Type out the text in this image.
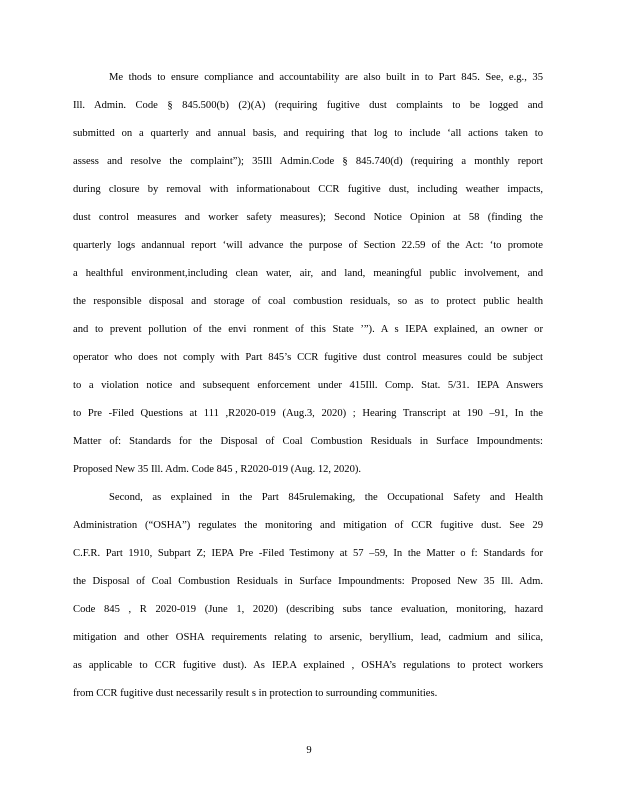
Me thods to ensure compliance and accountability are also built in to Part 845. See, e.g., 35
Ill. Admin. Code § 845.500(b) (2)(A) (requiring fugitive dust complaints to be logged and
submitted on a quarterly and annual basis, and requiring that log to include ‘all actions taken to
assess and resolve the complaint”); 35Ill Admin.Code § 845.740(d) (requiring a monthly report
during closure by removal with informationabout CCR fugitive dust, including weather impacts,
dust control measures and worker safety measures); Second Notice Opinion at 58 (finding the
quarterly logs andannual report ‘will advance the purpose of Section 22.59 of the Act: ‘to promote
a healthful environment,including clean water, air, and land, meaningful public involvement, and
the responsible disposal and storage of coal combustion residuals, so as to protect public health
and to prevent pollution of the envi ronment of this State ’”). A s IEPA explained, an owner or
operator who does not comply with Part 845’s CCR fugitive dust control measures could be subject
to a violation notice and subsequent enforcement under 415Ill. Comp. Stat. 5/31. IEPA Answers
to Pre -Filed Questions at 111 ,R2020-019 (Aug.3, 2020) ; Hearing Transcript at 190 –91, In the
Matter of: Standards for the Disposal of Coal Combustion Residuals in Surface Impoundments:
Proposed New 35 Ill. Adm. Code 845 , R2020-019 (Aug. 12, 2020).
Second, as explained in the Part 845rulemaking, the Occupational Safety and Health
Administration (“OSHA”) regulates the monitoring and mitigation of CCR fugitive dust. See 29
C.F.R. Part 1910, Subpart Z; IEPA Pre -Filed Testimony at 57 –59, In the Matter o f: Standards for
the Disposal of Coal Combustion Residuals in Surface Impoundments: Proposed New 35 Ill. Adm.
Code 845 , R 2020-019 (June 1, 2020) (describing subs tance evaluation, monitoring, hazard
mitigation and other OSHA requirements relating to arsenic, beryllium, lead, cadmium and silica,
as applicable to CCR fugitive dust). As IEP.A explained , OSHA’s regulations to protect workers
from CCR fugitive dust necessarily result s in protection to surrounding communities.
9
